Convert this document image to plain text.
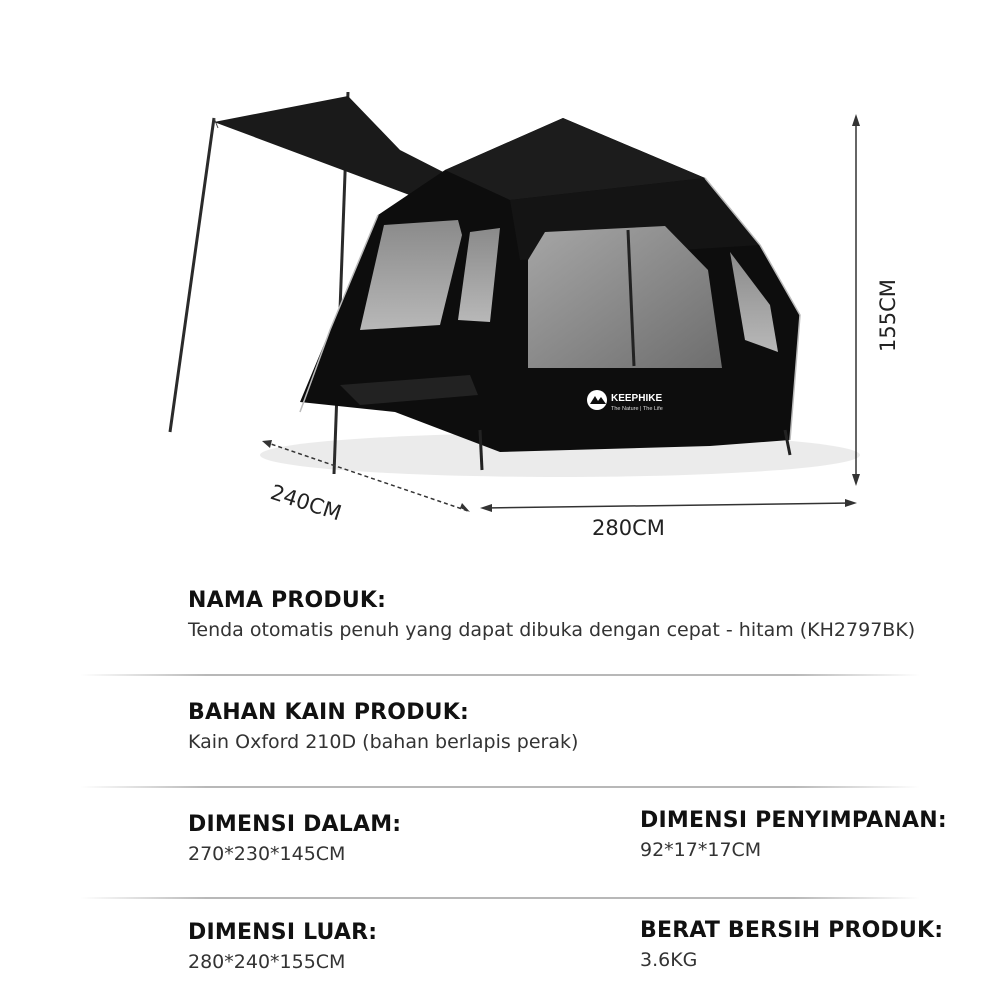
KEEPHIKE
The Nature | The Life
155CM
240CM
280CM
NAMA PRODUK:
Tenda otomatis penuh yang dapat dibuka dengan cepat - hitam (KH2797BK)
BAHAN KAIN PRODUK:
Kain Oxford 210D (bahan berlapis perak)
DIMENSI DALAM:
270*230*145CM
DIMENSI PENYIMPANAN:
92*17*17CM
DIMENSI LUAR:
280*240*155CM
BERAT BERSIH PRODUK:
3.6KG
